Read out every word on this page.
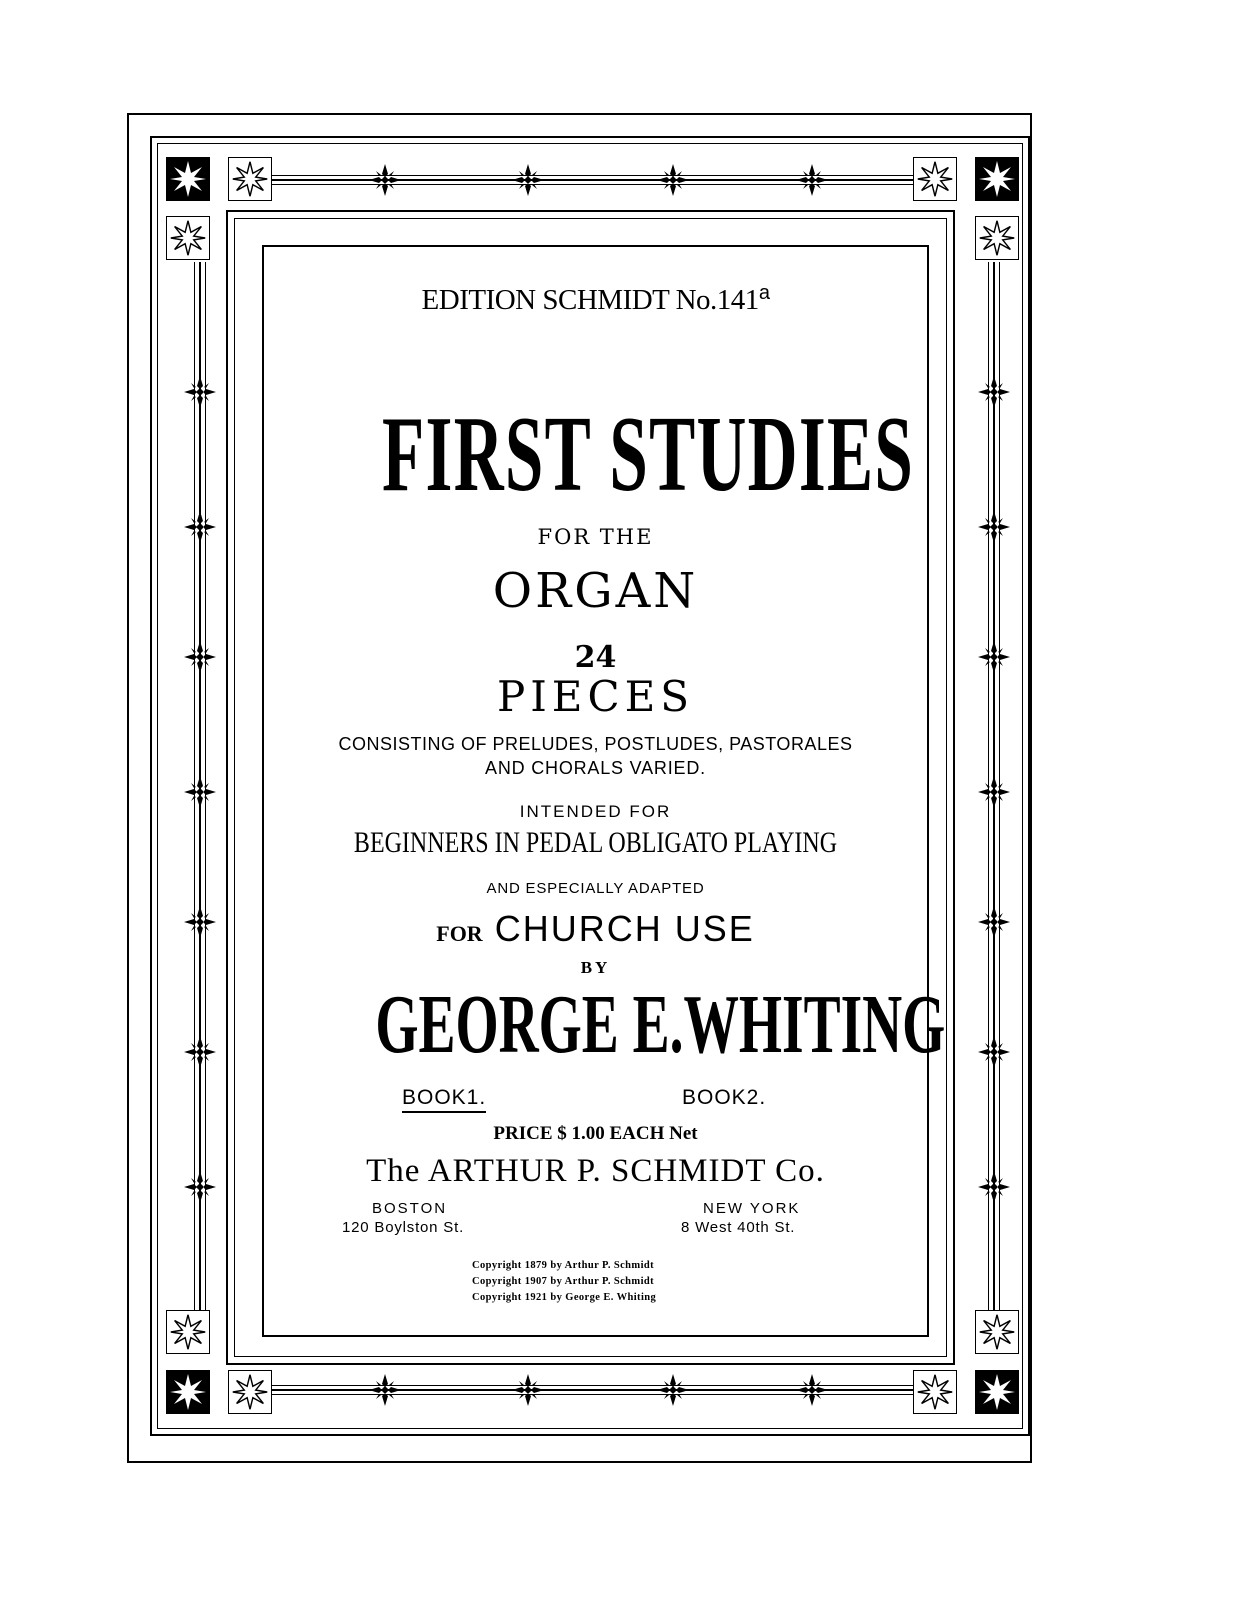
EDITION SCHMIDT No.141$^a$
FIRST STUDIES
FOR THE
ORGAN
24
PIECES
CONSISTING OF PRELUDES, POSTLUDES, PASTORALES
AND CHORALS VARIED.
INTENDED FOR
BEGINNERS IN PEDAL OBLIGATO PLAYING
AND ESPECIALLY ADAPTED
FOR CHURCH USE
BY
GEORGE E.WHITING
BOOK1.	BOOK2.
PRICE $ 1.00 EACH Net
The ARTHUR P. SCHMIDT Co.
BOSTON
120 Boylston St.
NEW YORK
8 West 40th St.
Copyright 1879 by Arthur P. Schmidt
Copyright 1907 by Arthur P. Schmidt
Copyright 1921 by George E. Whiting
